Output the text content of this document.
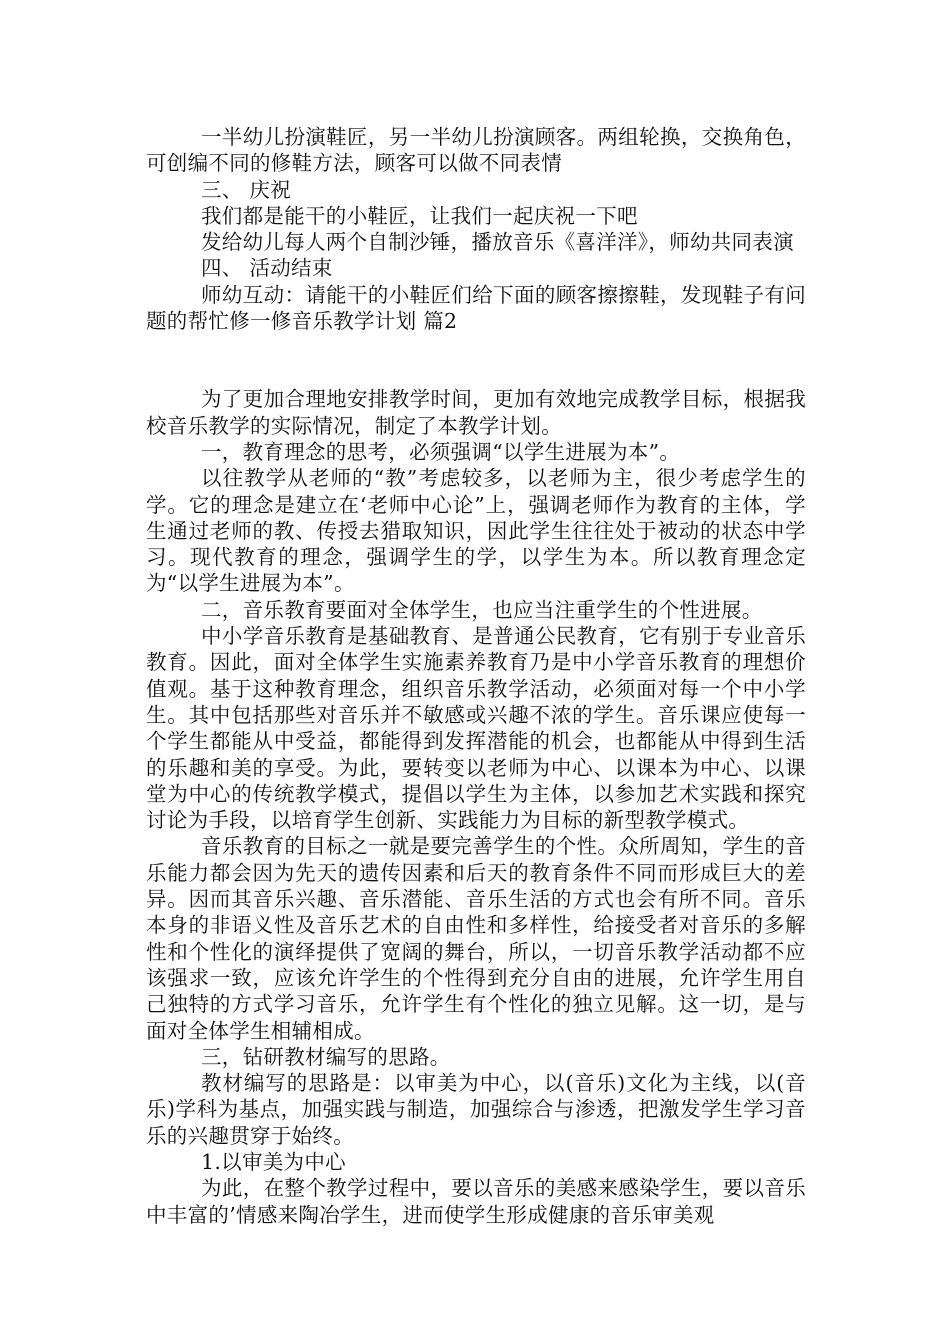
一半幼儿扮演鞋匠，另一半幼儿扮演顾客。两组轮换，交换角色，可创编不同的修鞋方法，顾客可以做不同表情

三、 庆祝

我们都是能干的小鞋匠，让我们一起庆祝一下吧

发给幼儿每人两个自制沙锤，播放音乐《喜洋洋》，师幼共同表演

四、 活动结束

师幼互动：请能干的小鞋匠们给下面的顾客擦擦鞋，发现鞋子有问题的帮忙修一修音乐教学计划 篇2

为了更加合理地安排教学时间，更加有效地完成教学目标，根据我校音乐教学的实际情况，制定了本教学计划。

一，教育理念的思考，必须强调“以学生进展为本”。

以往教学从老师的“教”考虑较多，以老师为主，很少考虑学生的学。它的理念是建立在‘老师中心论”上，强调老师作为教育的主体，学生通过老师的教、传授去猎取知识，因此学生往往处于被动的状态中学习。现代教育的理念，强调学生的学，以学生为本。所以教育理念定为“以学生进展为本”。

二，音乐教育要面对全体学生，也应当注重学生的个性进展。

中小学音乐教育是基础教育、是普通公民教育，它有别于专业音乐教育。因此，面对全体学生实施素养教育乃是中小学音乐教育的理想价值观。基于这种教育理念，组织音乐教学活动，必须面对每一个中小学生。其中包括那些对音乐并不敏感或兴趣不浓的学生。音乐课应使每一个学生都能从中受益，都能得到发挥潜能的机会，也都能从中得到生活的乐趣和美的享受。为此，要转变以老师为中心、以课本为中心、以课堂为中心的传统教学模式，提倡以学生为主体，以参加艺术实践和探究讨论为手段，以培育学生创新、实践能力为目标的新型教学模式。

音乐教育的目标之一就是要完善学生的个性。众所周知，学生的音乐能力都会因为先天的遗传因素和后天的教育条件不同而形成巨大的差异。因而其音乐兴趣、音乐潜能、音乐生活的方式也会有所不同。音乐本身的非语义性及音乐艺术的自由性和多样性，给接受者对音乐的多解性和个性化的演绎提供了宽阔的舞台，所以，一切音乐教学活动都不应该强求一致，应该允许学生的个性得到充分自由的进展，允许学生用自己独特的方式学习音乐，允许学生有个性化的独立见解。这一切，是与面对全体学生相辅相成。

三，钻研教材编写的思路。

教材编写的思路是：以审美为中心，以(音乐)文化为主线，以(音乐)学科为基点，加强实践与制造，加强综合与渗透，把激发学生学习音乐的兴趣贯穿于始终。

1.以审美为中心

为此，在整个教学过程中，要以音乐的美感来感染学生，要以音乐中丰富的’情感来陶冶学生，进而使学生形成健康的音乐审美观
